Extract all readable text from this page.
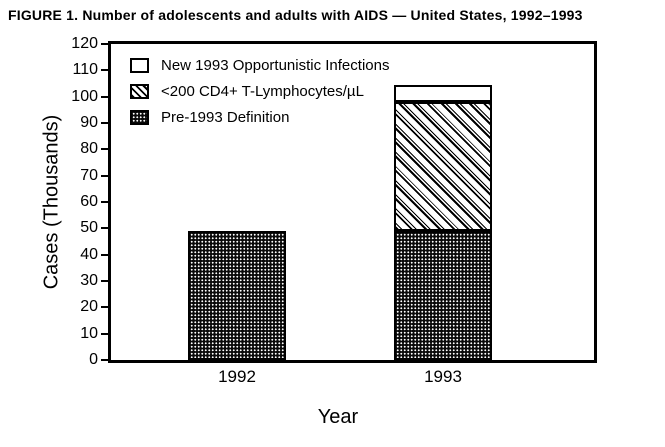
FIGURE 1. Number of adolescents and adults with AIDS — United States, 1992–1993
Cases (Thousands)
0
10
20
30
40
50
60
70
80
90
100
110
120
New 1993 Opportunistic Infections
<200 CD4+ T-Lymphocytes/µL
Pre-1993 Definition
1992	1993
Year
